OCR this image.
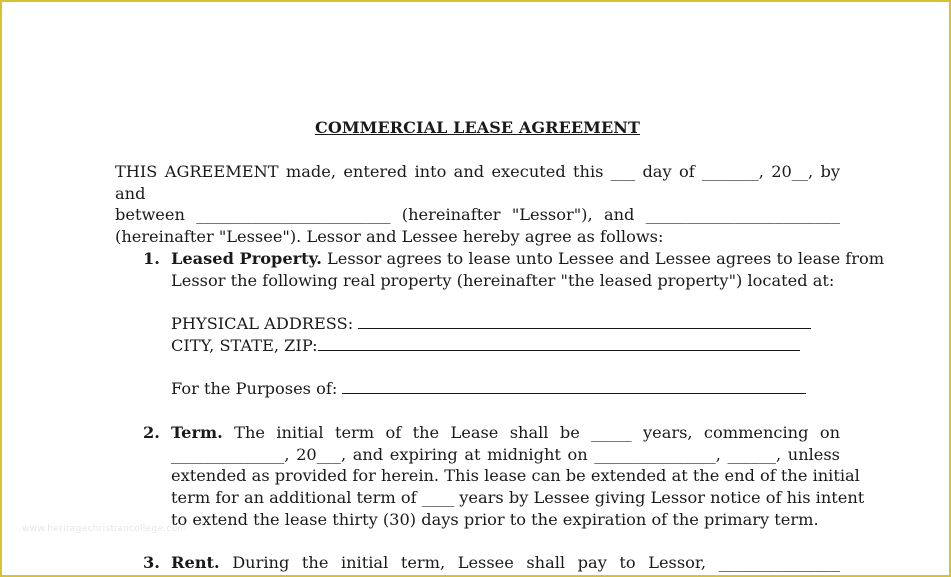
COMMERCIAL LEASE AGREEMENT
THIS AGREEMENT made, entered into and executed this ___ day of _______, 20__, by and
between ________________________ (hereinafter "Lessor"), and ________________________
(hereinafter "Lessee"). Lessor and Lessee hereby agree as follows:
1. Leased Property. Lessor agrees to lease unto Lessee and Lessee agrees to lease from
Lessor the following real property (hereinafter "the leased property") located at:
PHYSICAL ADDRESS:
CITY, STATE, ZIP:
For the Purposes of:
2. Term. The initial term of the Lease shall be _____ years, commencing on
______________, 20___, and expiring at midnight on _______________, ______, unless
extended as provided for herein. This lease can be extended at the end of the initial
term for an additional term of ____ years by Lessee giving Lessor notice of his intent
to extend the lease thirty (30) days prior to the expiration of the primary term.
3. Rent. During the initial term, Lessee shall pay to Lessor, _______________
www.heritagechristiancollege.com
